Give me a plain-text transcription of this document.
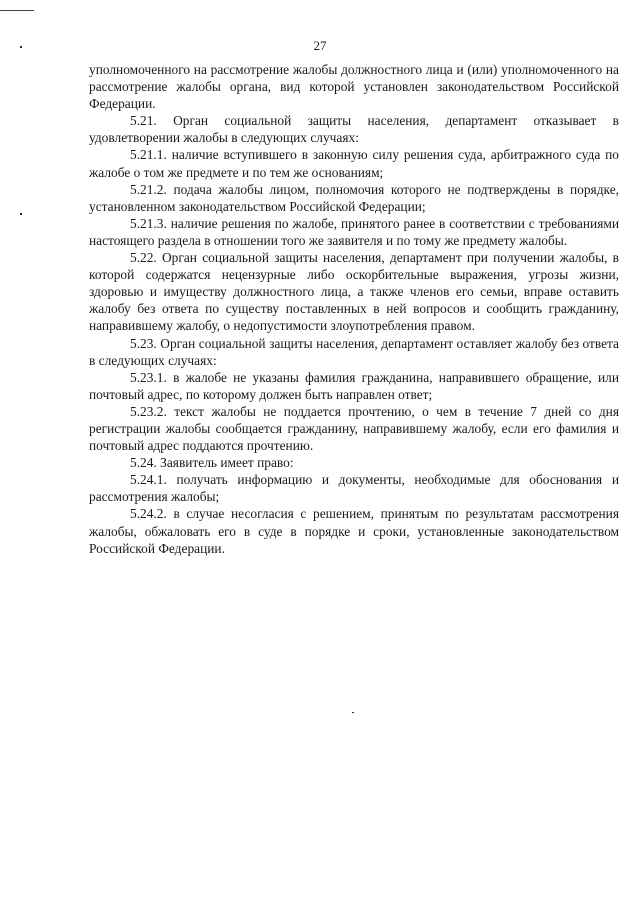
27

уполномоченного на рассмотрение жалобы должностного лица и (или) уполномоченного на рассмотрение жалобы органа, вид которой установлен законодательством Российской Федерации.

5.21. Орган социальной защиты населения, департамент отказывает в удовлетворении жалобы в следующих случаях:

5.21.1. наличие вступившего в законную силу решения суда, арбитражного суда по жалобе о том же предмете и по тем же основаниям;

5.21.2. подача жалобы лицом, полномочия которого не подтверждены в порядке, установленном законодательством Российской Федерации;

5.21.3. наличие решения по жалобе, принятого ранее в соответствии с требованиями настоящего раздела в отношении того же заявителя и по тому же предмету жалобы.

5.22. Орган социальной защиты населения, департамент при получении жалобы, в которой содержатся нецензурные либо оскорбительные выражения, угрозы жизни, здоровью и имуществу должностного лица, а также членов его семьи, вправе оставить жалобу без ответа по существу поставленных в ней вопросов и сообщить гражданину, направившему жалобу, о недопустимости злоупотребления правом.

5.23. Орган социальной защиты населения, департамент оставляет жалобу без ответа в следующих случаях:

5.23.1. в жалобе не указаны фамилия гражданина, направившего обращение, или почтовый адрес, по которому должен быть направлен ответ;

5.23.2. текст жалобы не поддается прочтению, о чем в течение 7 дней со дня регистрации жалобы сообщается гражданину, направившему жалобу, если его фамилия и почтовый адрес поддаются прочтению.

5.24. Заявитель имеет право:

5.24.1. получать информацию и документы, необходимые для обоснования и рассмотрения жалобы;

5.24.2. в случае несогласия с решением, принятым по результатам рассмотрения жалобы, обжаловать его в суде в порядке и сроки, установленные законодательством Российской Федерации.
